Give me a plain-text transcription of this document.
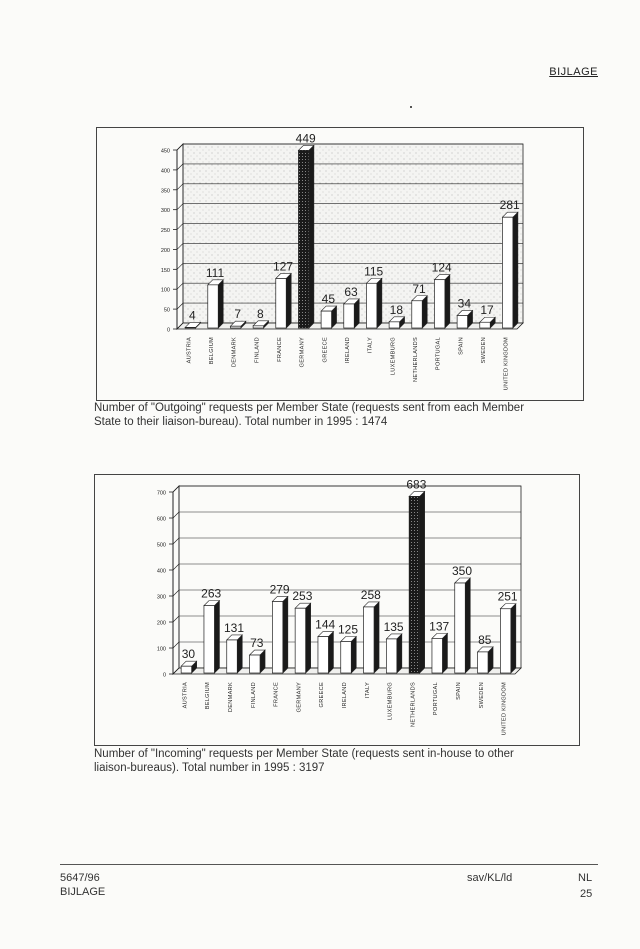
BIJLAGE
0
50
100
150
200
250
300
350
400
450
4
AUSTRIA
111
BELGIUM
7
DENMARK
8
FINLAND
127
FRANCE
449
GERMANY
45
GREECE
63
IRELAND
115
ITALY
18
LUXEMBURG
71
NETHERLANDS
124
PORTUGAL
34
SPAIN
17
SWEDEN
281
UNITED KINGDOM
Number of "Outgoing" requests per Member State (requests sent from each Member
State to their liaison-bureau). Total number in 1995 : 1474
0
100
200
300
400
500
600
700
30
AUSTRIA
263
BELGIUM
131
DENMARK
73
FINLAND
279
FRANCE
253
GERMANY
144
GREECE
125
IRELAND
258
ITALY
135
LUXEMBURG
683
NETHERLANDS
137
PORTUGAL
350
SPAIN
85
SWEDEN
251
UNITED KINGDOM
Number of "Incoming" requests per Member State (requests sent in-house to other
liaison-bureaus). Total number in 1995 : 3197
5647/96
BIJLAGE
sav/KL/ld	NL
25
